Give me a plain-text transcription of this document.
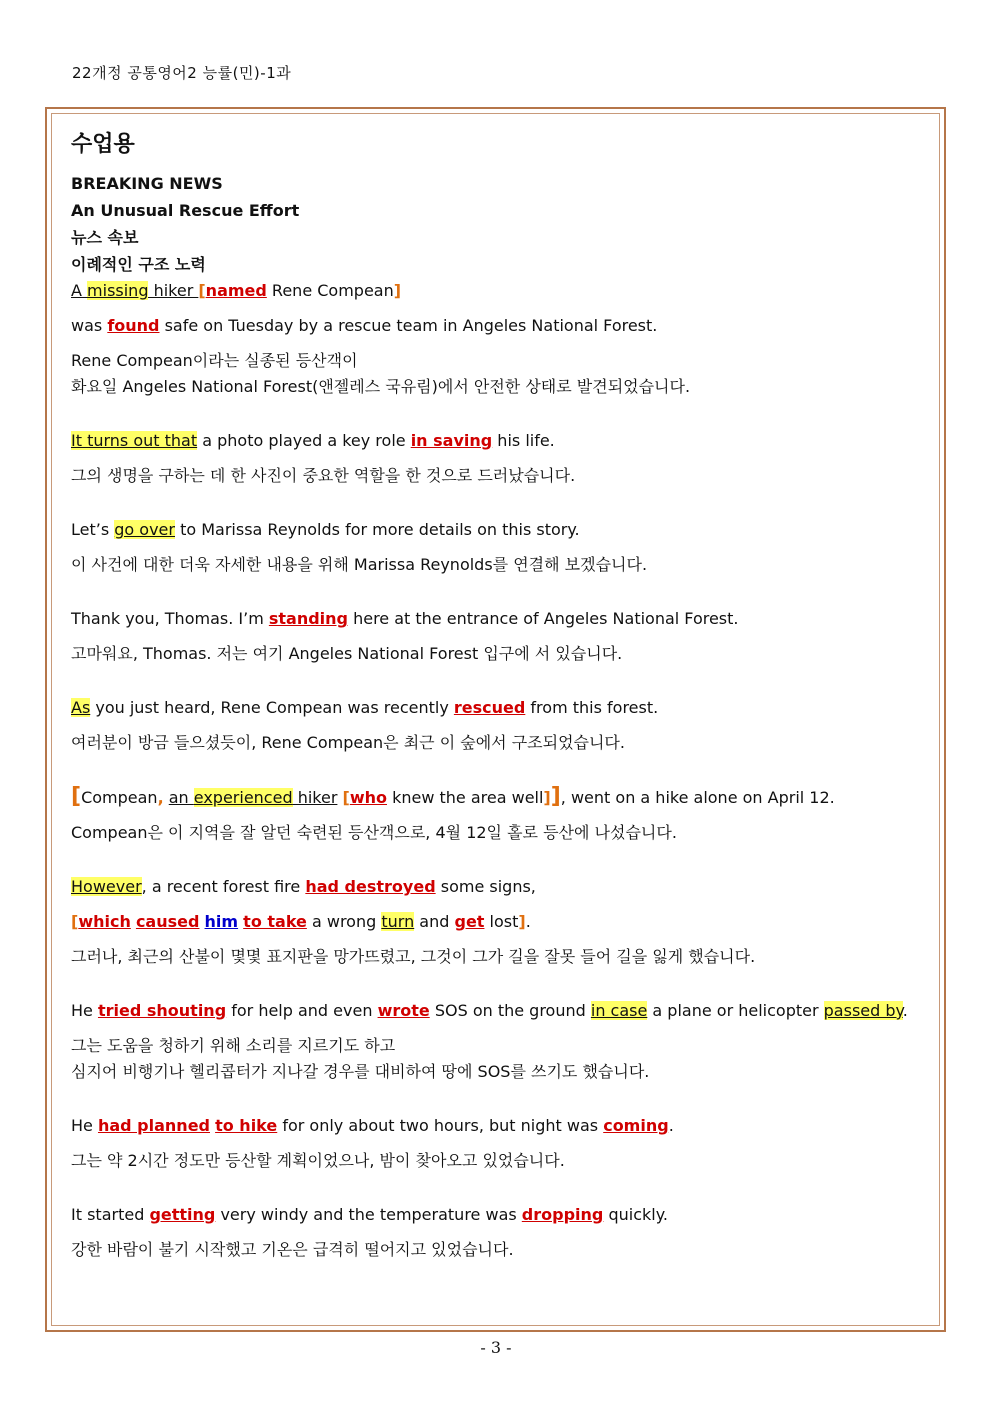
22개정 공통영어2 능률(민)-1과
수업용
BREAKING NEWS
An Unusual Rescue Effort
뉴스 속보
이례적인 구조 노력
A missing hiker [named Rene Compean]
was found safe on Tuesday by a rescue team in Angeles National Forest.
Rene Compean이라는 실종된 등산객이
화요일 Angeles National Forest(앤젤레스 국유림)에서 안전한 상태로 발견되었습니다.
It turns out that a photo played a key role in saving his life.
그의 생명을 구하는 데 한 사진이 중요한 역할을 한 것으로 드러났습니다.
Let’s go over to Marissa Reynolds for more details on this story.
이 사건에 대한 더욱 자세한 내용을 위해 Marissa Reynolds를 연결해 보겠습니다.
Thank you, Thomas. I’m standing here at the entrance of Angeles National Forest.
고마워요, Thomas. 저는 여기 Angeles National Forest 입구에 서 있습니다.
As you just heard, Rene Compean was recently rescued from this forest.
여러분이 방금 들으셨듯이, Rene Compean은 최근 이 숲에서 구조되었습니다.
[Compean, an experienced hiker [who knew the area well]], went on a hike alone on April 12.
Compean은 이 지역을 잘 알던 숙련된 등산객으로, 4월 12일 홀로 등산에 나섰습니다.
However, a recent forest fire had destroyed some signs,
[which caused him to take a wrong turn and get lost].
그러나, 최근의 산불이 몇몇 표지판을 망가뜨렸고, 그것이 그가 길을 잘못 들어 길을 잃게 했습니다.
He tried shouting for help and even wrote SOS on the ground in case a plane or helicopter passed by.
그는 도움을 청하기 위해 소리를 지르기도 하고
심지어 비행기나 헬리콥터가 지나갈 경우를 대비하여 땅에 SOS를 쓰기도 했습니다.
He had planned to hike for only about two hours, but night was coming.
그는 약 2시간 정도만 등산할 계획이었으나, 밤이 찾아오고 있었습니다.
It started getting very windy and the temperature was dropping quickly.
강한 바람이 불기 시작했고 기온은 급격히 떨어지고 있었습니다.
- 3 -
